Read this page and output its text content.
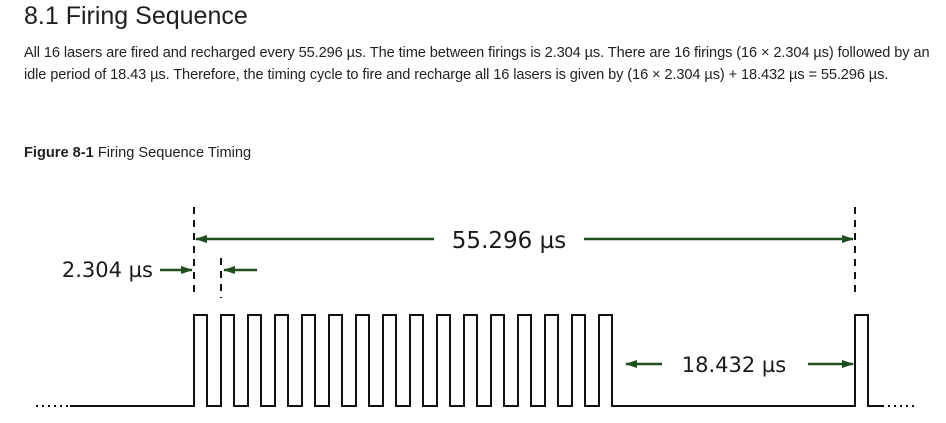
8.1 Firing Sequence

All 16 lasers are fired and recharged every 55.296 µs. The time between firings is 2.304 µs. There are 16 firings (16 × 2.304 µs) followed by an idle period of 18.43 µs. Therefore, the timing cycle to fire and recharge all 16 lasers is given by (16 × 2.304 µs) + 18.432 µs = 55.296 µs.

Figure 8-1 Firing Sequence Timing

55.296 µs
2.304 µs
18.432 µs
